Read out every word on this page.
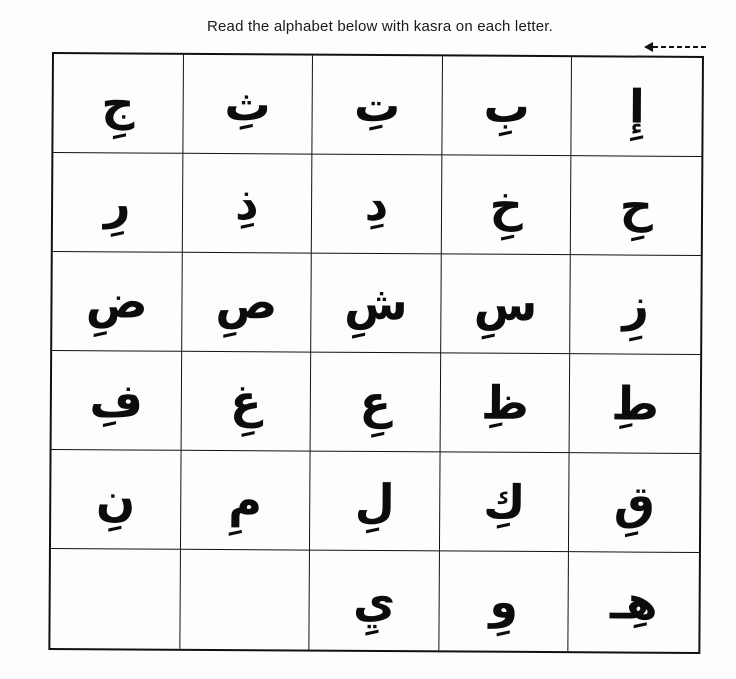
Read the alphabet below with kasra on each letter.
جِ ثِ تِ بِ إِ
رِ ذِ دِ خِ حِ
ضِ صِ شِ سِ زِ
فِ غِ عِ ظِ طِ
نِ مِ لِ كِ قِ
يِ وِ هِـ
